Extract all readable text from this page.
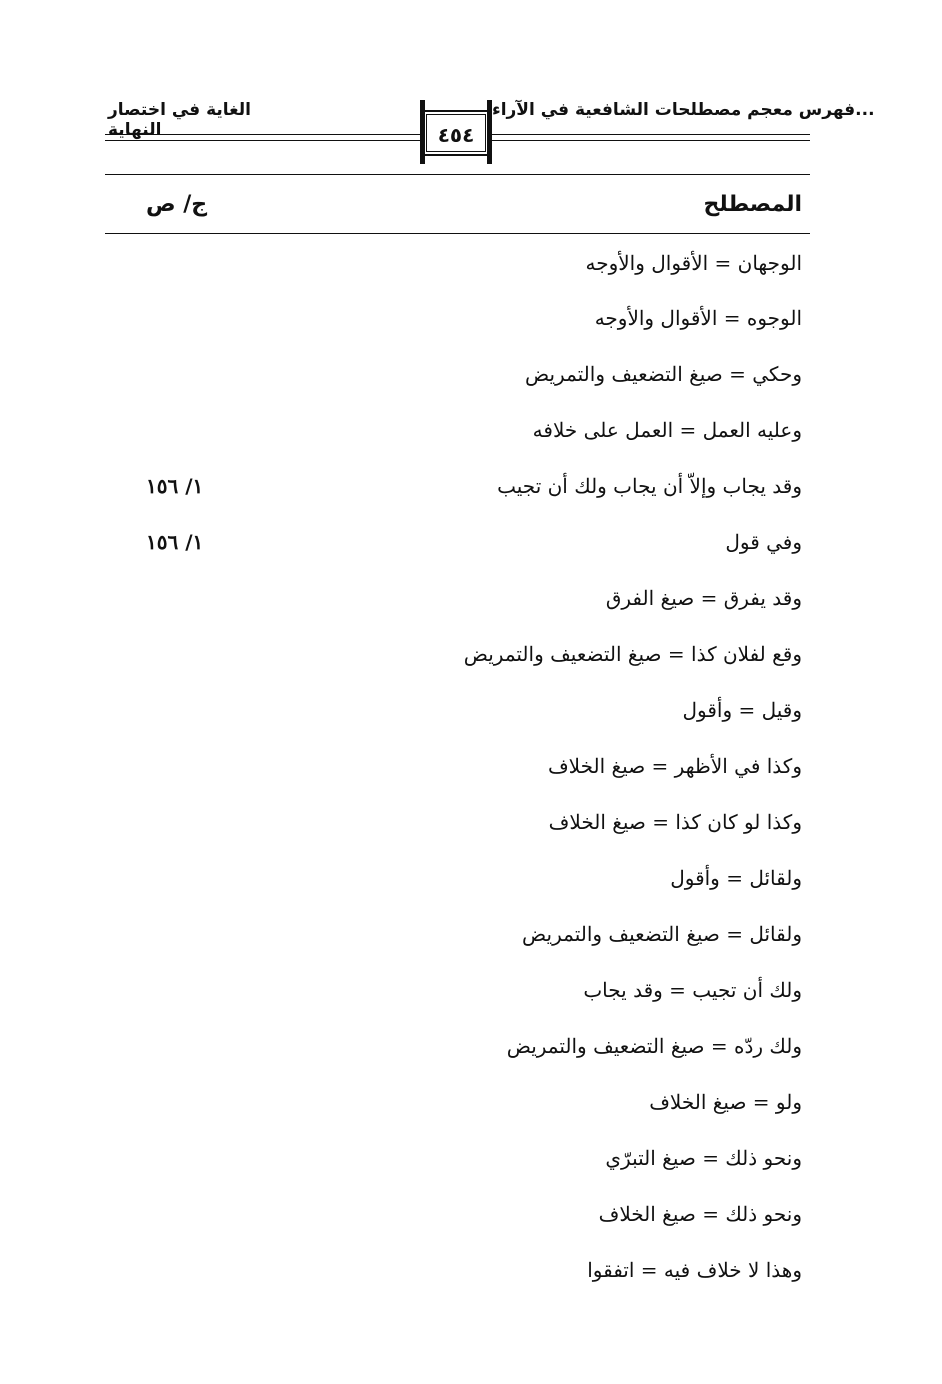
الغاية في اختصار النهاية
فهرس معجم مصطلحات الشافعية في الآراء...
٤٥٤
المصطلح
ج/ ص
الوجهان = الأقوال والأوجه
الوجوه = الأقوال والأوجه
وحكي = صيغ التضعيف والتمريض
وعليه العمل = العمل على خلافه
وقد يجاب وإلاّ أن يجاب ولك أن تجيب
١/ ١٥٦
وفي قول
١/ ١٥٦
وقد يفرق = صيغ الفرق
وقع لفلان كذا = صيغ التضعيف والتمريض
وقيل = وأقول
وكذا في الأظهر = صيغ الخلاف
وكذا لو كان كذا = صيغ الخلاف
ولقائل = وأقول
ولقائل = صيغ التضعيف والتمريض
ولك أن تجيب = وقد يجاب
ولك ردّه = صيغ التضعيف والتمريض
ولو = صيغ الخلاف
ونحو ذلك = صيغ التبرّي
ونحو ذلك = صيغ الخلاف
وهذا لا خلاف فيه = اتفقوا
